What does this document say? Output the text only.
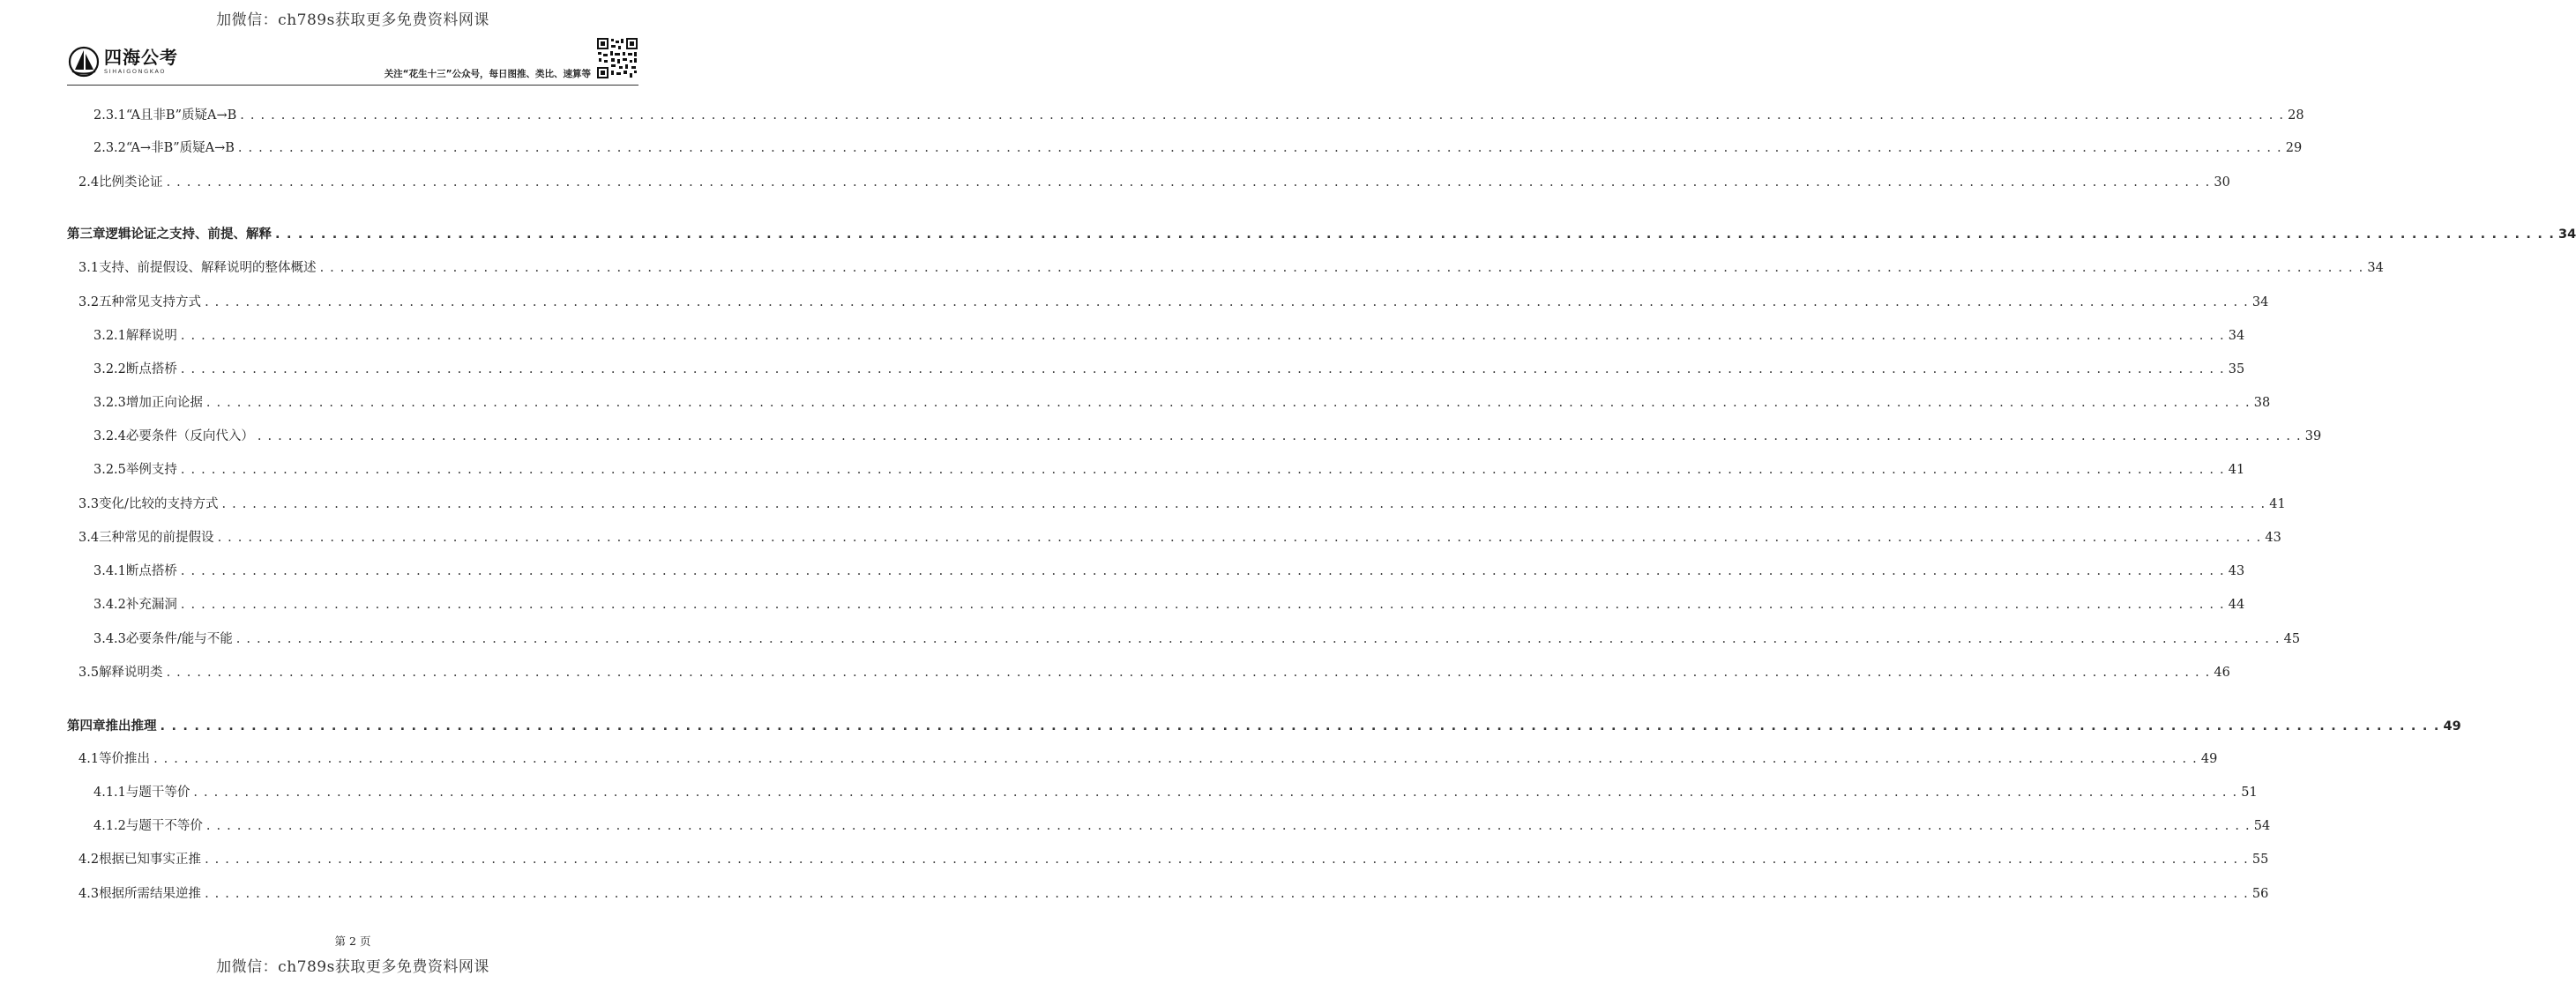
加微信：ch789s获取更多免费资料网课
四海公考
SIHAIGONGKAO	关注“花生十三”公众号，每日图推、类比、速算等
2.3.1 “A且非B”质疑A→B . . . . . . . . . . . . . . . . . . . . . . . . . . . . . . . . . . . . . . . . . . . . . . . . . . . . . . . . . . . . . . . . . . . . . . . . . . . . . . . . . . . . . . . . . . . . . . . . . . . . . . . . . . . . . . . . . . . . . . . . . . . . . . . . . . . . . . . . . . . . . . . . . . . . . . . . . . . . . . . . . . . . . . . . . . . . . . . . . . . . . . . . . . . . . . . . . . . . . . . . 28
2.3.2 “A→非B”质疑A→B . . . . . . . . . . . . . . . . . . . . . . . . . . . . . . . . . . . . . . . . . . . . . . . . . . . . . . . . . . . . . . . . . . . . . . . . . . . . . . . . . . . . . . . . . . . . . . . . . . . . . . . . . . . . . . . . . . . . . . . . . . . . . . . . . . . . . . . . . . . . . . . . . . . . . . . . . . . . . . . . . . . . . . . . . . . . . . . . . . . . . . . . . . . . . . . . . . . . . . . . 29
2.4 比例类论证 . . . . . . . . . . . . . . . . . . . . . . . . . . . . . . . . . . . . . . . . . . . . . . . . . . . . . . . . . . . . . . . . . . . . . . . . . . . . . . . . . . . . . . . . . . . . . . . . . . . . . . . . . . . . . . . . . . . . . . . . . . . . . . . . . . . . . . . . . . . . . . . . . . . . . . . . . . . . . . . . . . . . . . . . . . . . . . . . . . . . . . . . . . . . . . . . . . . . . . . . 30
第三章 逻辑论证之支持、前提、解释 . . . . . . . . . . . . . . . . . . . . . . . . . . . . . . . . . . . . . . . . . . . . . . . . . . . . . . . . . . . . . . . . . . . . . . . . . . . . . . . . . . . . . . . . . . . . . . . . . . . . . . . . . . . . . . . . . . . . . . . . . . . . . . . . . . . . . . . . . . . . . . . . . . . . . . . . . . . . . . . . . . . . . . . . . . . . . . . . . . . . . . . . . . . . . . . . . . . . . . . . 34
3.1 支持、前提假设、解释说明的整体概述 . . . . . . . . . . . . . . . . . . . . . . . . . . . . . . . . . . . . . . . . . . . . . . . . . . . . . . . . . . . . . . . . . . . . . . . . . . . . . . . . . . . . . . . . . . . . . . . . . . . . . . . . . . . . . . . . . . . . . . . . . . . . . . . . . . . . . . . . . . . . . . . . . . . . . . . . . . . . . . . . . . . . . . . . . . . . . . . . . . . . . . . . . . . . . . . . . . . . . . . . 34
3.2 五种常见支持方式 . . . . . . . . . . . . . . . . . . . . . . . . . . . . . . . . . . . . . . . . . . . . . . . . . . . . . . . . . . . . . . . . . . . . . . . . . . . . . . . . . . . . . . . . . . . . . . . . . . . . . . . . . . . . . . . . . . . . . . . . . . . . . . . . . . . . . . . . . . . . . . . . . . . . . . . . . . . . . . . . . . . . . . . . . . . . . . . . . . . . . . . . . . . . . . . . . . . . . . . . 34
3.2.1 解释说明 . . . . . . . . . . . . . . . . . . . . . . . . . . . . . . . . . . . . . . . . . . . . . . . . . . . . . . . . . . . . . . . . . . . . . . . . . . . . . . . . . . . . . . . . . . . . . . . . . . . . . . . . . . . . . . . . . . . . . . . . . . . . . . . . . . . . . . . . . . . . . . . . . . . . . . . . . . . . . . . . . . . . . . . . . . . . . . . . . . . . . . . . . . . . . . . . . . . . . . . . 34
3.2.2 断点搭桥 . . . . . . . . . . . . . . . . . . . . . . . . . . . . . . . . . . . . . . . . . . . . . . . . . . . . . . . . . . . . . . . . . . . . . . . . . . . . . . . . . . . . . . . . . . . . . . . . . . . . . . . . . . . . . . . . . . . . . . . . . . . . . . . . . . . . . . . . . . . . . . . . . . . . . . . . . . . . . . . . . . . . . . . . . . . . . . . . . . . . . . . . . . . . . . . . . . . . . . . . 35
3.2.3 增加正向论据 . . . . . . . . . . . . . . . . . . . . . . . . . . . . . . . . . . . . . . . . . . . . . . . . . . . . . . . . . . . . . . . . . . . . . . . . . . . . . . . . . . . . . . . . . . . . . . . . . . . . . . . . . . . . . . . . . . . . . . . . . . . . . . . . . . . . . . . . . . . . . . . . . . . . . . . . . . . . . . . . . . . . . . . . . . . . . . . . . . . . . . . . . . . . . . . . . . . . . . . . 38
3.2.4 必要条件（反向代入） . . . . . . . . . . . . . . . . . . . . . . . . . . . . . . . . . . . . . . . . . . . . . . . . . . . . . . . . . . . . . . . . . . . . . . . . . . . . . . . . . . . . . . . . . . . . . . . . . . . . . . . . . . . . . . . . . . . . . . . . . . . . . . . . . . . . . . . . . . . . . . . . . . . . . . . . . . . . . . . . . . . . . . . . . . . . . . . . . . . . . . . . . . . . . . . . . . . . . . . . 39
3.2.5 举例支持 . . . . . . . . . . . . . . . . . . . . . . . . . . . . . . . . . . . . . . . . . . . . . . . . . . . . . . . . . . . . . . . . . . . . . . . . . . . . . . . . . . . . . . . . . . . . . . . . . . . . . . . . . . . . . . . . . . . . . . . . . . . . . . . . . . . . . . . . . . . . . . . . . . . . . . . . . . . . . . . . . . . . . . . . . . . . . . . . . . . . . . . . . . . . . . . . . . . . . . . . 41
3.3 变化/比较的支持方式 . . . . . . . . . . . . . . . . . . . . . . . . . . . . . . . . . . . . . . . . . . . . . . . . . . . . . . . . . . . . . . . . . . . . . . . . . . . . . . . . . . . . . . . . . . . . . . . . . . . . . . . . . . . . . . . . . . . . . . . . . . . . . . . . . . . . . . . . . . . . . . . . . . . . . . . . . . . . . . . . . . . . . . . . . . . . . . . . . . . . . . . . . . . . . . . . . . . . . . . . 41
3.4 三种常见的前提假设 . . . . . . . . . . . . . . . . . . . . . . . . . . . . . . . . . . . . . . . . . . . . . . . . . . . . . . . . . . . . . . . . . . . . . . . . . . . . . . . . . . . . . . . . . . . . . . . . . . . . . . . . . . . . . . . . . . . . . . . . . . . . . . . . . . . . . . . . . . . . . . . . . . . . . . . . . . . . . . . . . . . . . . . . . . . . . . . . . . . . . . . . . . . . . . . . . . . . . . . . 43
3.4.1 断点搭桥 . . . . . . . . . . . . . . . . . . . . . . . . . . . . . . . . . . . . . . . . . . . . . . . . . . . . . . . . . . . . . . . . . . . . . . . . . . . . . . . . . . . . . . . . . . . . . . . . . . . . . . . . . . . . . . . . . . . . . . . . . . . . . . . . . . . . . . . . . . . . . . . . . . . . . . . . . . . . . . . . . . . . . . . . . . . . . . . . . . . . . . . . . . . . . . . . . . . . . . . . 43
3.4.2 补充漏洞 . . . . . . . . . . . . . . . . . . . . . . . . . . . . . . . . . . . . . . . . . . . . . . . . . . . . . . . . . . . . . . . . . . . . . . . . . . . . . . . . . . . . . . . . . . . . . . . . . . . . . . . . . . . . . . . . . . . . . . . . . . . . . . . . . . . . . . . . . . . . . . . . . . . . . . . . . . . . . . . . . . . . . . . . . . . . . . . . . . . . . . . . . . . . . . . . . . . . . . . . 44
3.4.3 必要条件/能与不能 . . . . . . . . . . . . . . . . . . . . . . . . . . . . . . . . . . . . . . . . . . . . . . . . . . . . . . . . . . . . . . . . . . . . . . . . . . . . . . . . . . . . . . . . . . . . . . . . . . . . . . . . . . . . . . . . . . . . . . . . . . . . . . . . . . . . . . . . . . . . . . . . . . . . . . . . . . . . . . . . . . . . . . . . . . . . . . . . . . . . . . . . . . . . . . . . . . . . . . . . 45
3.5 解释说明类 . . . . . . . . . . . . . . . . . . . . . . . . . . . . . . . . . . . . . . . . . . . . . . . . . . . . . . . . . . . . . . . . . . . . . . . . . . . . . . . . . . . . . . . . . . . . . . . . . . . . . . . . . . . . . . . . . . . . . . . . . . . . . . . . . . . . . . . . . . . . . . . . . . . . . . . . . . . . . . . . . . . . . . . . . . . . . . . . . . . . . . . . . . . . . . . . . . . . . . . . 46
第四章 推出推理 . . . . . . . . . . . . . . . . . . . . . . . . . . . . . . . . . . . . . . . . . . . . . . . . . . . . . . . . . . . . . . . . . . . . . . . . . . . . . . . . . . . . . . . . . . . . . . . . . . . . . . . . . . . . . . . . . . . . . . . . . . . . . . . . . . . . . . . . . . . . . . . . . . . . . . . . . . . . . . . . . . . . . . . . . . . . . . . . . . . . . . . . . . . . . . . . . . . . . . . . 49
4.1 等价推出 . . . . . . . . . . . . . . . . . . . . . . . . . . . . . . . . . . . . . . . . . . . . . . . . . . . . . . . . . . . . . . . . . . . . . . . . . . . . . . . . . . . . . . . . . . . . . . . . . . . . . . . . . . . . . . . . . . . . . . . . . . . . . . . . . . . . . . . . . . . . . . . . . . . . . . . . . . . . . . . . . . . . . . . . . . . . . . . . . . . . . . . . . . . . . . . . . . . . . . . . 49
4.1.1 与题干等价 . . . . . . . . . . . . . . . . . . . . . . . . . . . . . . . . . . . . . . . . . . . . . . . . . . . . . . . . . . . . . . . . . . . . . . . . . . . . . . . . . . . . . . . . . . . . . . . . . . . . . . . . . . . . . . . . . . . . . . . . . . . . . . . . . . . . . . . . . . . . . . . . . . . . . . . . . . . . . . . . . . . . . . . . . . . . . . . . . . . . . . . . . . . . . . . . . . . . . . . . 51
4.1.2 与题干不等价 . . . . . . . . . . . . . . . . . . . . . . . . . . . . . . . . . . . . . . . . . . . . . . . . . . . . . . . . . . . . . . . . . . . . . . . . . . . . . . . . . . . . . . . . . . . . . . . . . . . . . . . . . . . . . . . . . . . . . . . . . . . . . . . . . . . . . . . . . . . . . . . . . . . . . . . . . . . . . . . . . . . . . . . . . . . . . . . . . . . . . . . . . . . . . . . . . . . . . . . . 54
4.2 根据已知事实正推 . . . . . . . . . . . . . . . . . . . . . . . . . . . . . . . . . . . . . . . . . . . . . . . . . . . . . . . . . . . . . . . . . . . . . . . . . . . . . . . . . . . . . . . . . . . . . . . . . . . . . . . . . . . . . . . . . . . . . . . . . . . . . . . . . . . . . . . . . . . . . . . . . . . . . . . . . . . . . . . . . . . . . . . . . . . . . . . . . . . . . . . . . . . . . . . . . . . . . . . . 55
4.3 根据所需结果逆推 . . . . . . . . . . . . . . . . . . . . . . . . . . . . . . . . . . . . . . . . . . . . . . . . . . . . . . . . . . . . . . . . . . . . . . . . . . . . . . . . . . . . . . . . . . . . . . . . . . . . . . . . . . . . . . . . . . . . . . . . . . . . . . . . . . . . . . . . . . . . . . . . . . . . . . . . . . . . . . . . . . . . . . . . . . . . . . . . . . . . . . . . . . . . . . . . . . . . . . . . 56
第 2 页
加微信：ch789s获取更多免费资料网课
